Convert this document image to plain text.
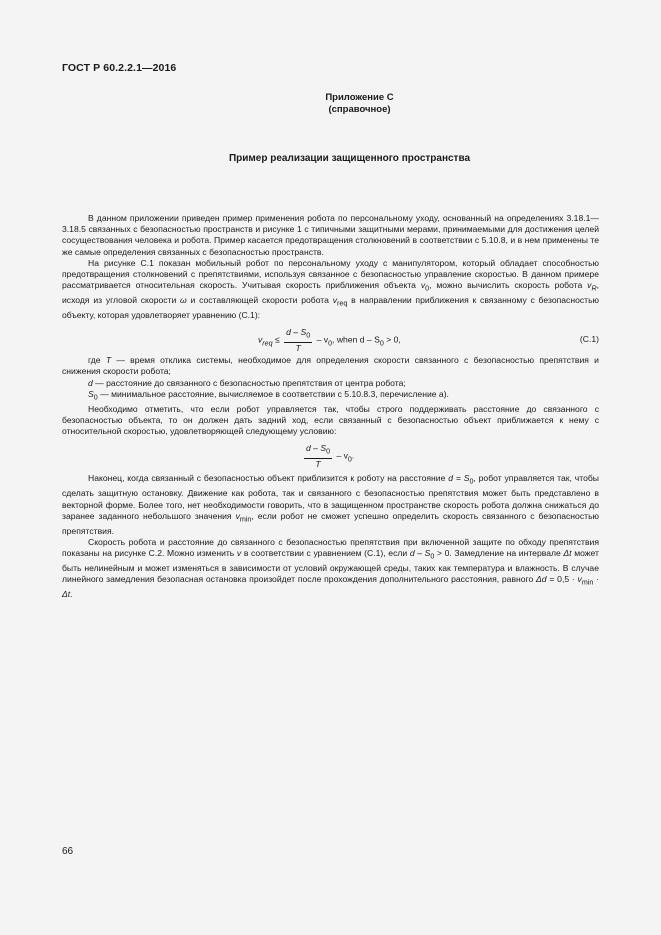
ГОСТ Р 60.2.2.1—2016
Приложение С
(справочное)
Пример реализации защищенного пространства

В данном приложении приведен пример применения робота по персональному уходу, основанный на определениях 3.18.1—3.18.5 связанных с безопасностью пространств и рисунке 1 с типичными защитными мерами, принимаемыми для достижения целей сосуществования человека и робота. Пример касается предотвращения столкновений в соответствии с 5.10.8, и в нем применены те же самые определения связанных с безопасностью пространств.

На рисунке С.1 показан мобильный робот по персональному уходу с манипулятором, который обладает способностью предотвращения столкновений с препятствиями, используя связанное с безопасностью управление скоростью. В данном примере рассматривается относительная скорость. Учитывая скорость приближения объекта $v_0$, можно вычислить скорость робота $v_R$, исходя из угловой скорости ω и составляющей скорости робота $v_{req}$ в направлении приближения к связанному с безопасностью объекту, которая удовлетворяет уравнению (С.1):

$v_{req} \le \frac{d - S_0}{T} - v_0$, when $d - S_0 > 0$,	(С.1)

где T — время отклика системы, необходимое для определения скорости связанного с безопасностью препятствия и снижения скорости робота;

d — расстояние до связанного с безопасностью препятствия от центра робота;

$S_0$ — минимальное расстояние, вычисляемое в соответствии с 5.10.8.3, перечисление а).

Необходимо отметить, что если робот управляется так, чтобы строго поддерживать расстояние до связанного с безопасностью объекта, то он должен дать задний ход, если связанный с безопасностью объект приближается к нему с относительной скоростью, удовлетворяющей следующему условию:

$\frac{d - S_0}{T} - v_0$.

Наконец, когда связанный с безопасностью объект приблизится к роботу на расстояние $d = S_0$, робот управляется так, чтобы сделать защитную остановку. Движение как робота, так и связанного с безопасностью препятствия может быть представлено в векторной форме. Более того, нет необходимости говорить, что в защищенном пространстве скорость робота должна снижаться до заранее заданного небольшого значения $v_{min}$, если робот не сможет успешно определить скорость связанного с безопасностью препятствия.

Скорость робота и расстояние до связанного с безопасностью препятствия при включенной защите по обходу препятствия показаны на рисунке С.2. Можно изменить v в соответствии с уравнением (С.1), если $d - S_0 > 0$. Замедление на интервале Δt может быть нелинейным и может изменяться в зависимости от условий окружающей среды, таких как температура и влажность. В случае линейного замедления безопасная остановка произойдет после прохождения дополнительного расстояния, равного $\Delta d = 0,5 \cdot v_{min} \cdot \Delta t$.

66
